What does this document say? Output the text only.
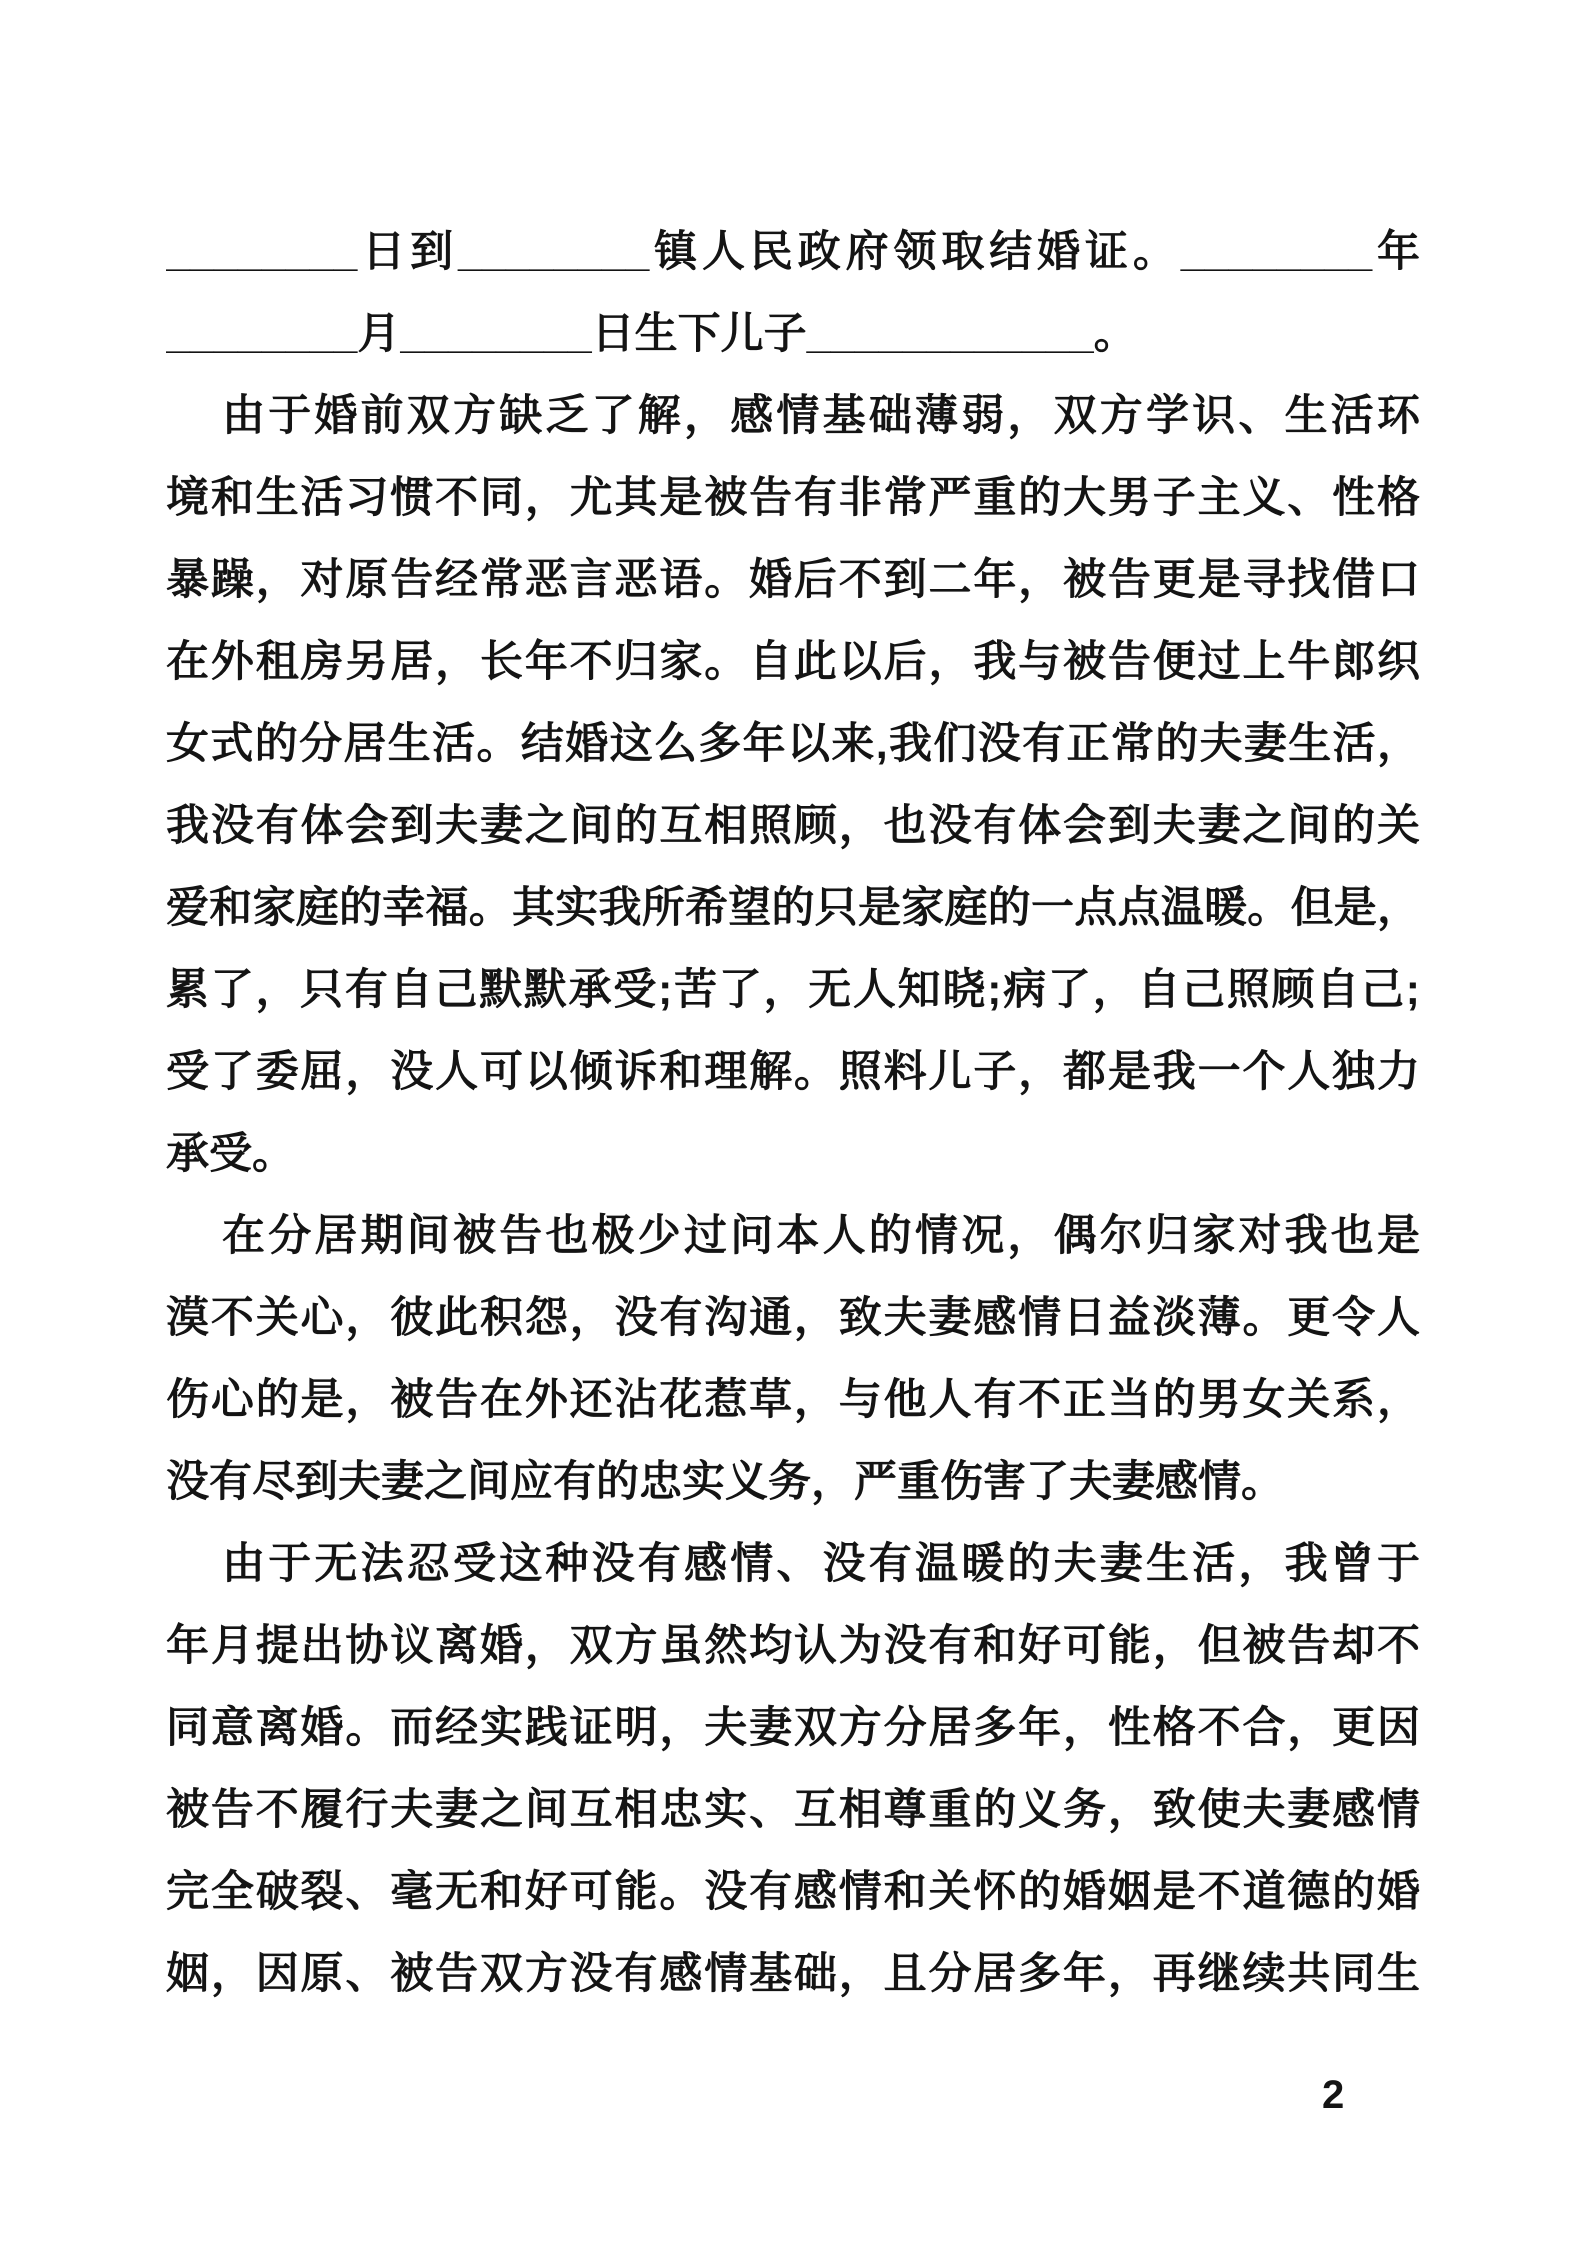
________日到________镇人民政府领取结婚证。________年
________月________日生下儿子____________。
由于婚前双方缺乏了解，感情基础薄弱，双方学识、生活环
境和生活习惯不同，尤其是被告有非常严重的大男子主义、性格
暴躁，对原告经常恶言恶语。婚后不到二年，被告更是寻找借口
在外租房另居，长年不归家。自此以后，我与被告便过上牛郎织
女式的分居生活。结婚这么多年以来,我们没有正常的夫妻生活，
我没有体会到夫妻之间的互相照顾，也没有体会到夫妻之间的关
爱和家庭的幸福。其实我所希望的只是家庭的一点点温暖。但是，
累了，只有自己默默承受;苦了，无人知晓;病了，自己照顾自己;
受了委屈，没人可以倾诉和理解。照料儿子，都是我一个人独力
承受。
在分居期间被告也极少过问本人的情况，偶尔归家对我也是
漠不关心，彼此积怨，没有沟通，致夫妻感情日益淡薄。更令人
伤心的是，被告在外还沾花惹草，与他人有不正当的男女关系，
没有尽到夫妻之间应有的忠实义务，严重伤害了夫妻感情。
由于无法忍受这种没有感情、没有温暖的夫妻生活，我曾于
年月提出协议离婚，双方虽然均认为没有和好可能，但被告却不
同意离婚。而经实践证明，夫妻双方分居多年，性格不合，更因
被告不履行夫妻之间互相忠实、互相尊重的义务，致使夫妻感情
完全破裂、毫无和好可能。没有感情和关怀的婚姻是不道德的婚
姻，因原、被告双方没有感情基础，且分居多年，再继续共同生
2
